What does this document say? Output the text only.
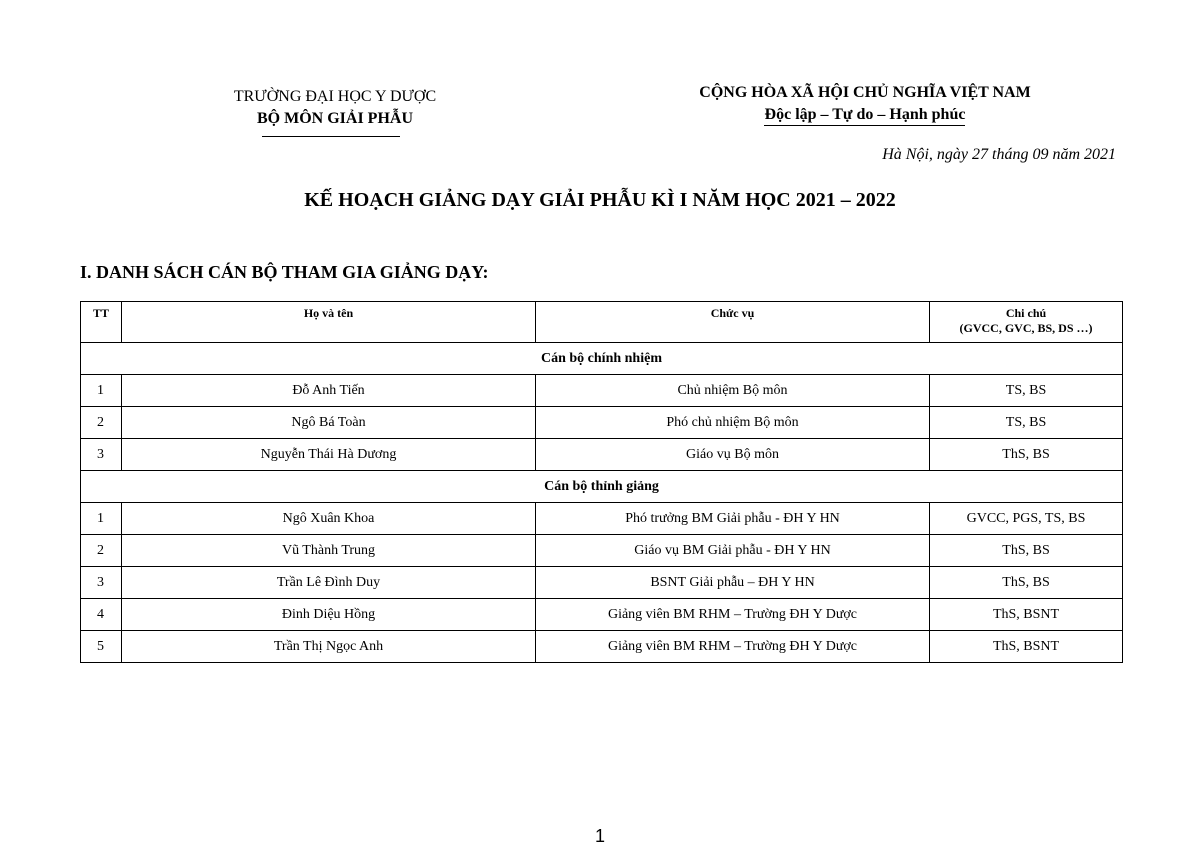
TRƯỜNG ĐẠI HỌC Y DƯỢC
BỘ MÔN GIẢI PHẪU
CỘNG HÒA XÃ HỘI CHỦ NGHĨA VIỆT NAM
Độc lập – Tự do – Hạnh phúc
Hà Nội, ngày 27 tháng 09 năm 2021
KẾ HOẠCH GIẢNG DẠY GIẢI PHẪU KÌ I NĂM HỌC 2021 – 2022
I. DANH SÁCH CÁN BỘ THAM GIA GIẢNG DẠY:
TT	Họ và tên	Chức vụ	Chi chú
(GVCC, GVC, BS, DS …)

Cán bộ chính nhiệm			
1	Đỗ Anh Tiến	Chủ nhiệm Bộ môn	TS, BS
2	Ngô Bá Toàn	Phó chủ nhiệm Bộ môn	TS, BS
3	Nguyễn Thái Hà Dương	Giáo vụ Bộ môn	ThS, BS
Cán bộ thỉnh giảng			
1	Ngô Xuân Khoa	Phó trưởng BM Giải phẫu - ĐH Y HN	GVCC, PGS, TS, BS
2	Vũ Thành Trung	Giáo vụ BM Giải phẫu - ĐH Y HN	ThS, BS
3	Trần Lê Đình Duy	BSNT Giải phẫu – ĐH Y HN	ThS, BS
4	Đinh Diệu Hồng	Giảng viên BM RHM – Trường ĐH Y Dược	ThS, BSNT
5	Trần Thị Ngọc Anh	Giảng viên BM RHM – Trường ĐH Y Dược	ThS, BSNT
1
